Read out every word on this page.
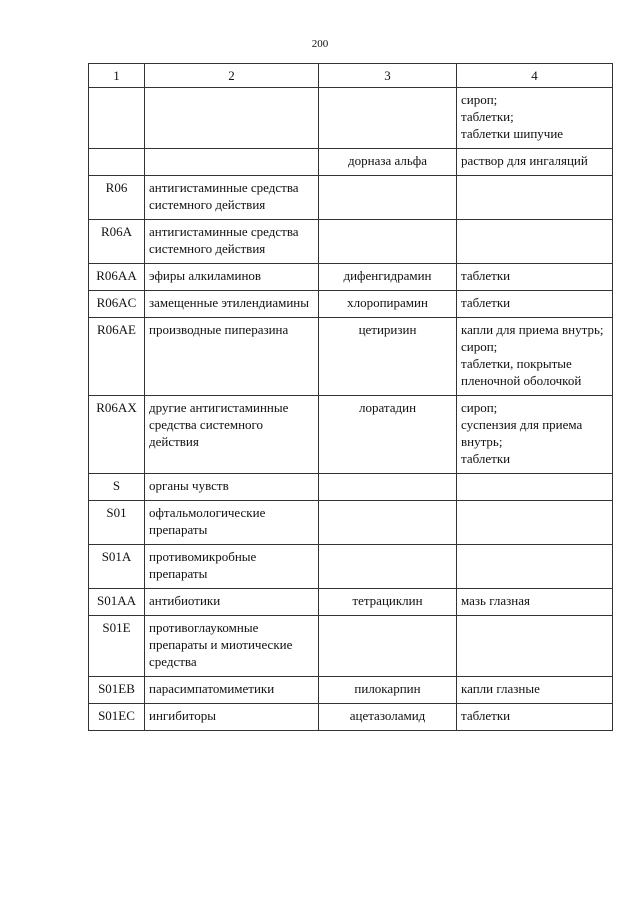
200
1	2	3	4
			сироп;
таблетки;
таблетки шипучие
		дорназа альфа	раствор для ингаляций
R06	антигистаминные средства системного действия		
R06A	антигистаминные средства системного действия		
R06AA	эфиры алкиламинов	дифенгидрамин	таблетки
R06AC	замещенные этилендиамины	хлоропирамин	таблетки
R06AE	производные пиперазина	цетиризин	капли для приема внутрь;
сироп;
таблетки, покрытые пленочной оболочкой
R06AX	другие антигистаминные средства системного действия	лоратадин	сироп;
суспензия для приема внутрь;
таблетки
S	органы чувств		
S01	офтальмологические препараты		
S01A	противомикробные препараты		
S01AA	антибиотики	тетрациклин	мазь глазная
S01E	противоглаукомные препараты и миотические средства		
S01EB	парасимпатомиметики	пилокарпин	капли глазные
S01EC	ингибиторы	ацетазоламид	таблетки
